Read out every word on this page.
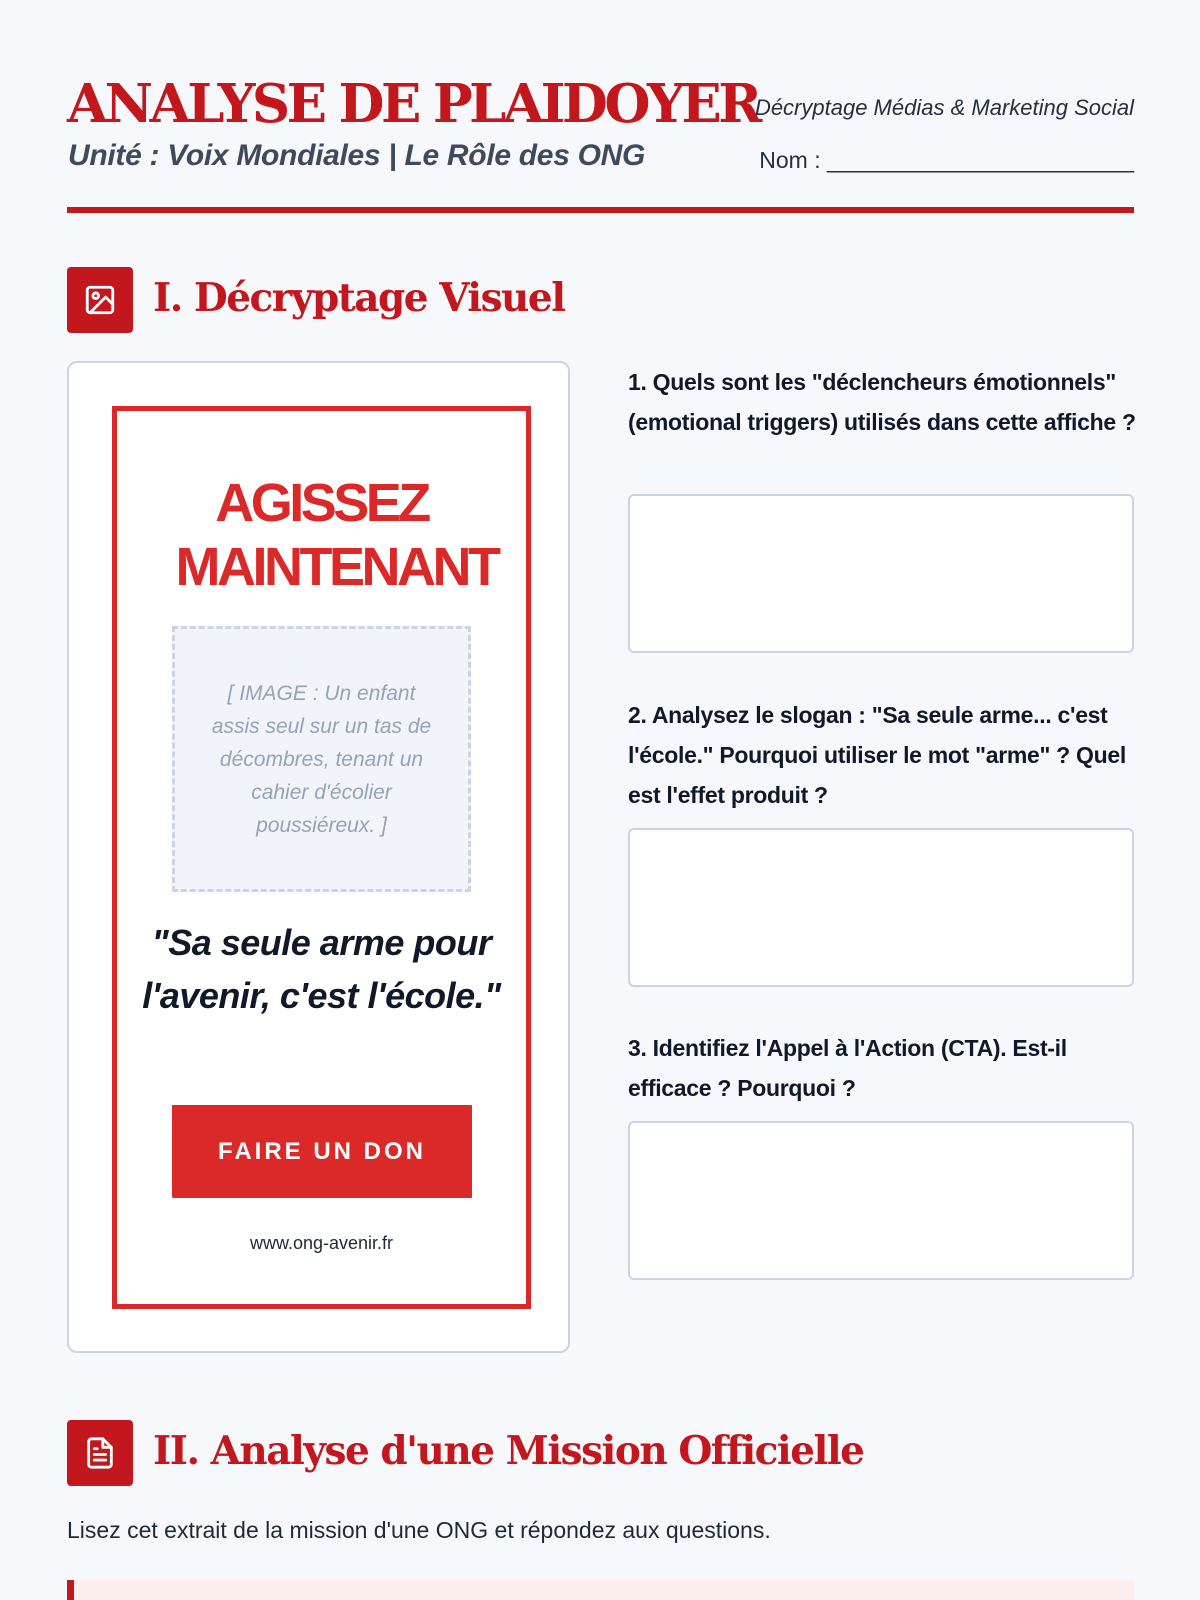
ANALYSE DE PLAIDOYER
Unité : Voix Mondiales | Le Rôle des ONG
Décryptage Médias & Marketing Social
Nom : ________________________
I. Décryptage Visuel
AGISSEZ
MAINTENANT
[ IMAGE : Un enfant assis seul sur un tas de décombres, tenant un cahier d'écolier poussiéreux. ]
"Sa seule arme pour l'avenir, c'est l'école."
FAIRE UN DON
www.ong-avenir.fr
1. Quels sont les "déclencheurs émotionnels" (emotional triggers) utilisés dans cette affiche ?
2. Analysez le slogan : "Sa seule arme... c'est l'école." Pourquoi utiliser le mot "arme" ? Quel est l'effet produit ?
3. Identifiez l'Appel à l'Action (CTA). Est-il efficace ? Pourquoi ?
II. Analyse d'une Mission Officielle
Lisez cet extrait de la mission d'une ONG et répondez aux questions.
